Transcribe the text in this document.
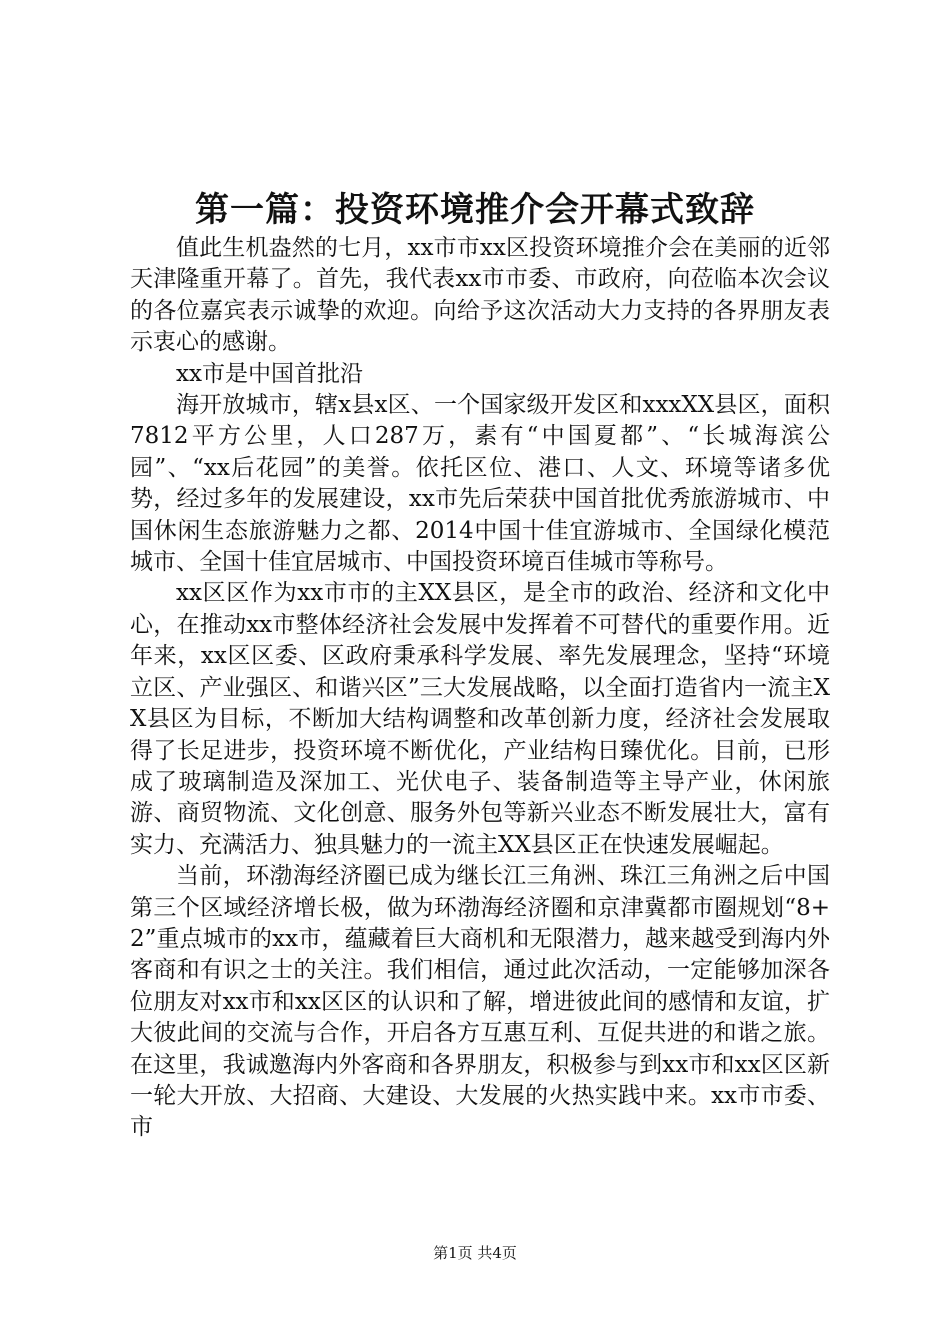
第一篇：投资环境推介会开幕式致辞

值此生机盎然的七月，xx市市xx区投资环境推介会在美丽的近邻天津隆重开幕了。首先，我代表xx市市委、市政府，向莅临本次会议的各位嘉宾表示诚挚的欢迎。向给予这次活动大力支持的各界朋友表示衷心的感谢。

xx市是中国首批沿

海开放城市，辖x县x区、一个国家级开发区和xxxXX县区，面积7812平方公里，人口287万，素有“中国夏都”、“长城海滨公园”、“xx后花园”的美誉。依托区位、港口、人文、环境等诸多优势，经过多年的发展建设，xx市先后荣获中国首批优秀旅游城市、中国休闲生态旅游魅力之都、2014中国十佳宜游城市、全国绿化模范城市、全国十佳宜居城市、中国投资环境百佳城市等称号。

xx区区作为xx市市的主XX县区，是全市的政治、经济和文化中心，在推动xx市整体经济社会发展中发挥着不可替代的重要作用。近年来，xx区区委、区政府秉承科学发展、率先发展理念，坚持“环境立区、产业强区、和谐兴区”三大发展战略，以全面打造省内一流主XX县区为目标，不断加大结构调整和改革创新力度，经济社会发展取得了长足进步，投资环境不断优化，产业结构日臻优化。目前，已形成了玻璃制造及深加工、光伏电子、装备制造等主导产业，休闲旅游、商贸物流、文化创意、服务外包等新兴业态不断发展壮大，富有实力、充满活力、独具魅力的一流主XX县区正在快速发展崛起。

当前，环渤海经济圈已成为继长江三角洲、珠江三角洲之后中国第三个区域经济增长极，做为环渤海经济圈和京津冀都市圈规划“8+2”重点城市的xx市，蕴藏着巨大商机和无限潜力，越来越受到海内外客商和有识之士的关注。我们相信，通过此次活动，一定能够加深各位朋友对xx市和xx区区的认识和了解，增进彼此间的感情和友谊，扩大彼此间的交流与合作，开启各方互惠互利、互促共进的和谐之旅。在这里，我诚邀海内外客商和各界朋友，积极参与到xx市和xx区区新一轮大开放、大招商、大建设、大发展的火热实践中来。xx市市委、市

第1页 共4页
